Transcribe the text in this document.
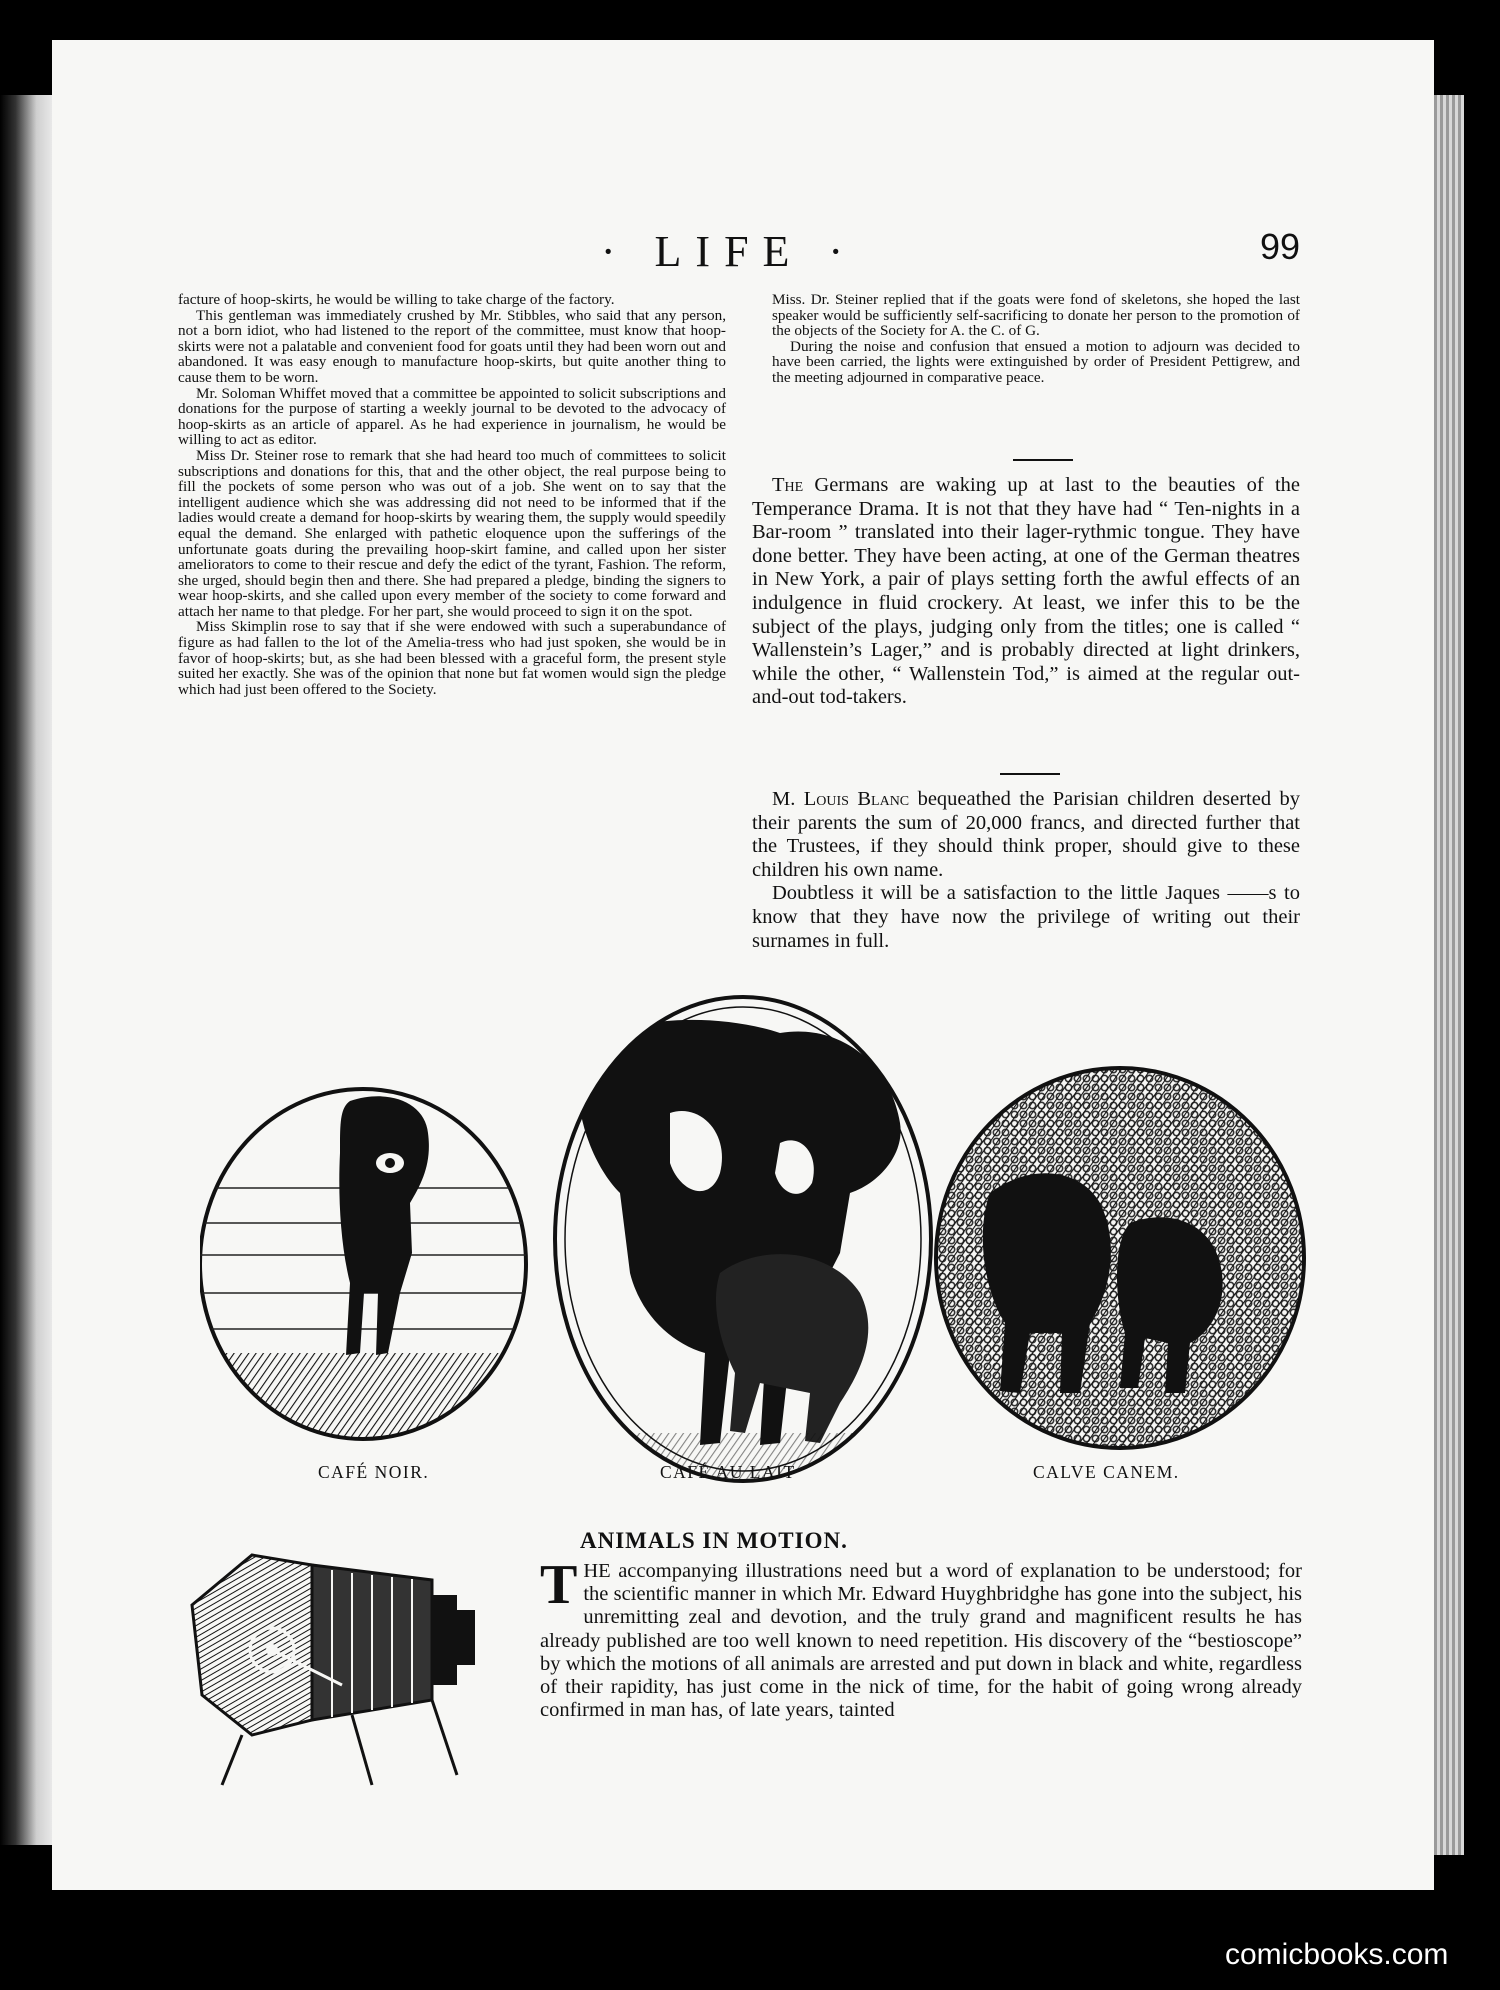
· LIFE ·	99

facture of hoop-skirts, he would be willing to take charge of the factory.

This gentleman was immediately crushed by Mr. Stibbles, who said that any person, not a born idiot, who had listened to the report of the committee, must know that hoop-skirts were not a palatable and convenient food for goats until they had been worn out and abandoned. It was easy enough to manufacture hoop-skirts, but quite another thing to cause them to be worn.

Mr. Soloman Whiffet moved that a committee be appointed to solicit subscriptions and donations for the purpose of starting a weekly journal to be devoted to the advocacy of hoop-skirts as an article of apparel. As he had experience in journalism, he would be willing to act as editor.

Miss Dr. Steiner rose to remark that she had heard too much of committees to solicit subscriptions and donations for this, that and the other object, the real purpose being to fill the pockets of some person who was out of a job. She went on to say that the intelligent audience which she was addressing did not need to be informed that if the ladies would create a demand for hoop-skirts by wearing them, the supply would speedily equal the demand. She enlarged with pathetic eloquence upon the sufferings of the unfortunate goats during the prevailing hoop-skirt famine, and called upon her sister ameliorators to come to their rescue and defy the edict of the tyrant, Fashion. The reform, she urged, should begin then and there. She had prepared a pledge, binding the signers to wear hoop-skirts, and she called upon every member of the society to come forward and attach her name to that pledge. For her part, she would proceed to sign it on the spot.

Miss Skimplin rose to say that if she were endowed with such a superabundance of figure as had fallen to the lot of the Amelia-tress who had just spoken, she would be in favor of hoop-skirts; but, as she had been blessed with a graceful form, the present style suited her exactly. She was of the opinion that none but fat women would sign the pledge which had just been offered to the Society.

Miss. Dr. Steiner replied that if the goats were fond of skeletons, she hoped the last speaker would be sufficiently self-sacrificing to donate her person to the promotion of the objects of the Society for A. the C. of G.

During the noise and confusion that ensued a motion to adjourn was decided to have been carried, the lights were extinguished by order of President Pettigrew, and the meeting adjourned in comparative peace.

The Germans are waking up at last to the beauties of the Temperance Drama. It is not that they have had “ Ten-nights in a Bar-room ” translated into their lager-rythmic tongue. They have done better. They have been acting, at one of the German theatres in New York, a pair of plays setting forth the awful effects of an indulgence in fluid crockery. At least, we infer this to be the subject of the plays, judging only from the titles; one is called “ Wallenstein’s Lager,” and is probably directed at light drinkers, while the other, “ Wallenstein Tod,” is aimed at the regular out-and-out tod-takers.

M. Louis Blanc bequeathed the Parisian children deserted by their parents the sum of 20,000 francs, and directed further that the Trustees, if they should think proper, should give to these children his own name.

Doubtless it will be a satisfaction to the little Jaques ——s to know that they have now the privilege of writing out their surnames in full.

CAFÉ NOIR.	CAFÉ AU LAIT	CALVE CANEM.
ANIMALS IN MOTION.

THE accompanying illustrations need but a word of explanation to be understood; for the scientific manner in which Mr. Edward Huyghbridghe has gone into the subject, his unremitting zeal and devotion, and the truly grand and magnificent results he has already published are too well known to need repetition. His discovery of the “bestioscope” by which the motions of all animals are arrested and put down in black and white, regardless of their rapidity, has just come in the nick of time, for the habit of going wrong already confirmed in man has, of late years, tainted

comicbooks.com
